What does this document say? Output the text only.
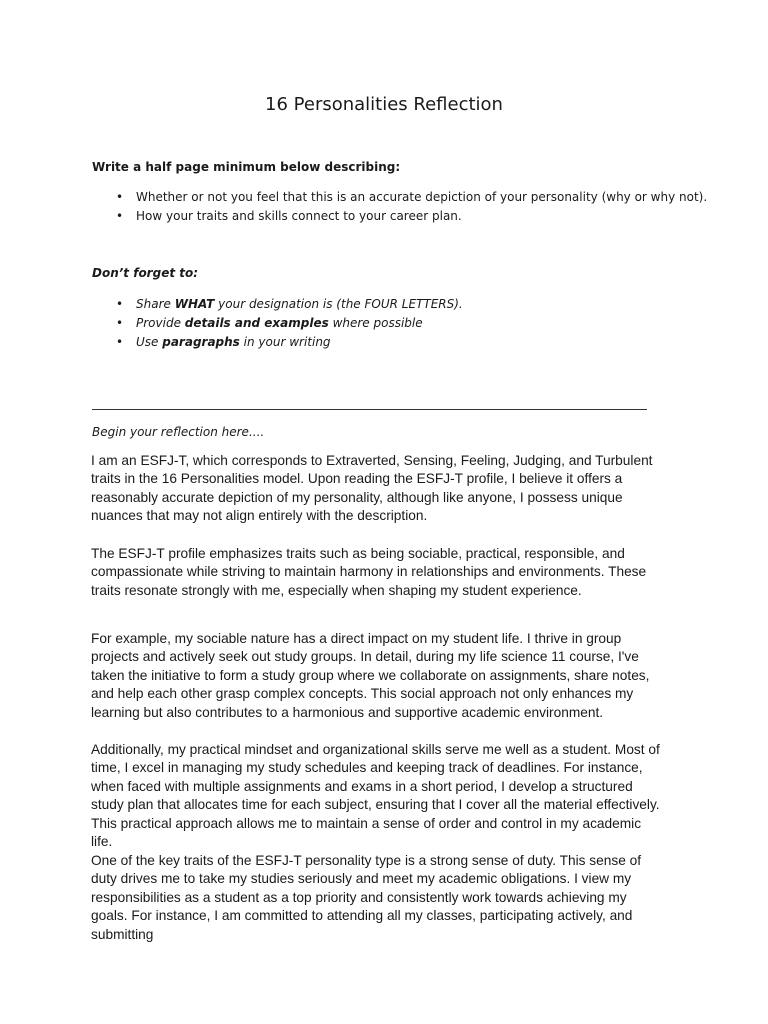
16 Personalities Reflection
Write a half page minimum below describing:
• Whether or not you feel that this is an accurate depiction of your personality (why or why not).
• How your traits and skills connect to your career plan.
Don’t forget to:
• Share WHAT your designation is (the FOUR LETTERS).
• Provide details and examples where possible
• Use paragraphs in your writing
Begin your reflection here....

I am an ESFJ-T, which corresponds to Extraverted, Sensing, Feeling, Judging, and Turbulent traits in the 16 Personalities model. Upon reading the ESFJ-T profile, I believe it offers a reasonably accurate depiction of my personality, although like anyone, I possess unique nuances that may not align entirely with the description.

The ESFJ-T profile emphasizes traits such as being sociable, practical, responsible, and compassionate while striving to maintain harmony in relationships and environments. These traits resonate strongly with me, especially when shaping my student experience.

For example, my sociable nature has a direct impact on my student life. I thrive in group projects and actively seek out study groups. In detail, during my life science 11 course, I've taken the initiative to form a study group where we collaborate on assignments, share notes, and help each other grasp complex concepts. This social approach not only enhances my learning but also contributes to a harmonious and supportive academic environment.

Additionally, my practical mindset and organizational skills serve me well as a student. Most of time, I excel in managing my study schedules and keeping track of deadlines. For instance, when faced with multiple assignments and exams in a short period, I develop a structured study plan that allocates time for each subject, ensuring that I cover all the material effectively. This practical approach allows me to maintain a sense of order and control in my academic life.

One of the key traits of the ESFJ-T personality type is a strong sense of duty. This sense of duty drives me to take my studies seriously and meet my academic obligations. I view my responsibilities as a student as a top priority and consistently work towards achieving my goals. For instance, I am committed to attending all my classes, participating actively, and submitting
